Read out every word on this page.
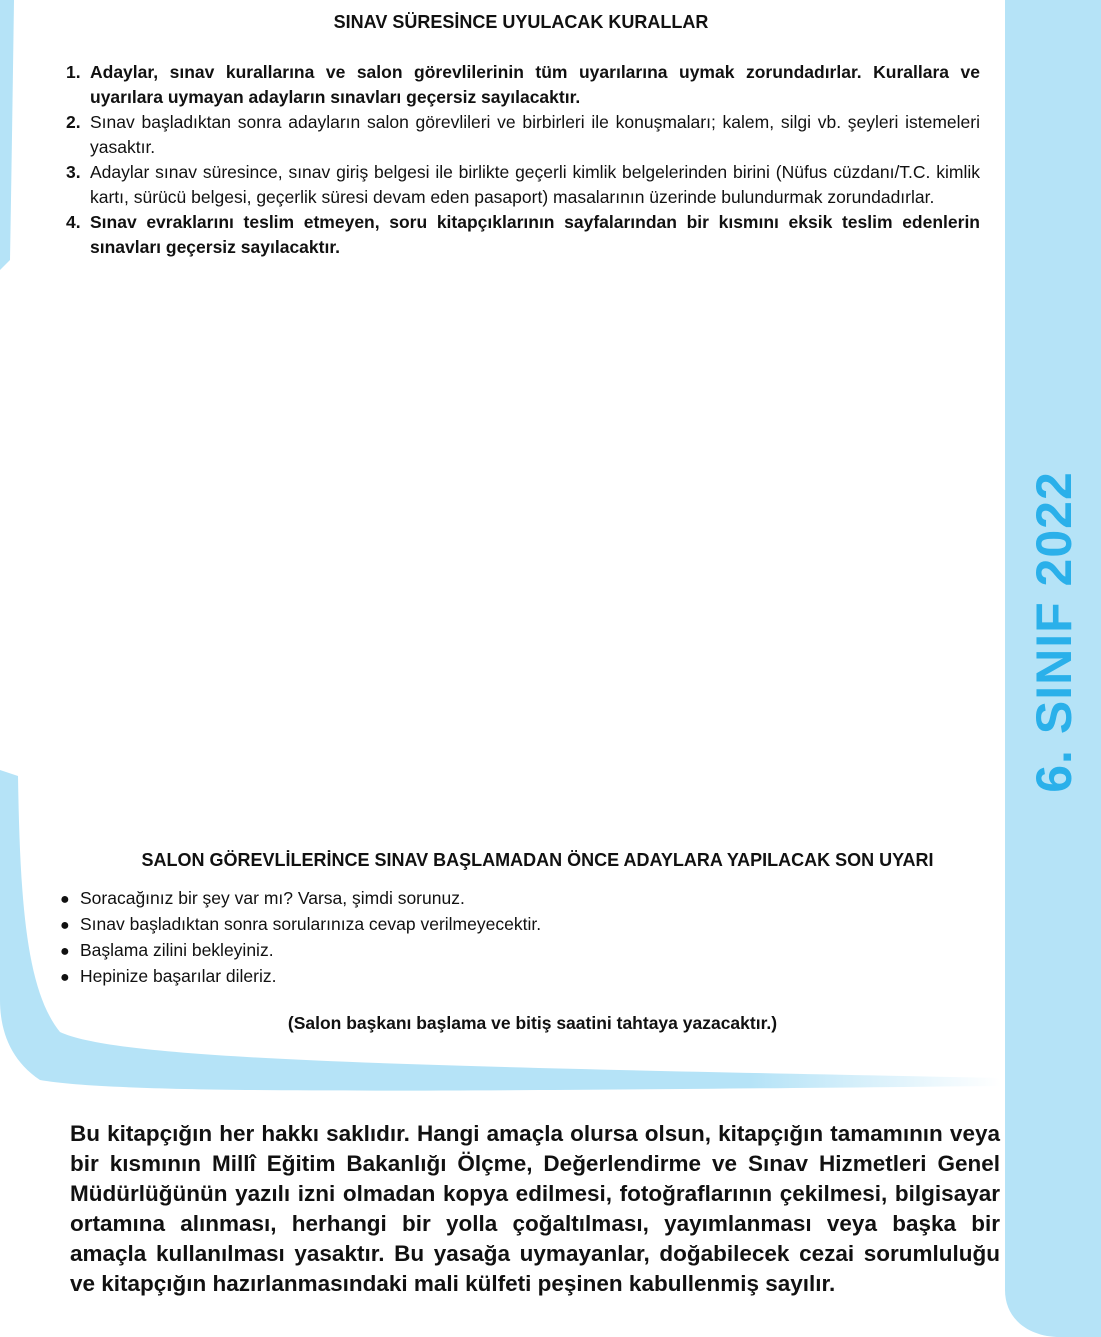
6. SINIF 2022
SINAV SÜRESİNCE UYULACAK KURALLAR
1. Adaylar, sınav kurallarına ve salon görevlilerinin tüm uyarılarına uymak zorundadırlar. Kurallara ve uyarılara uymayan adayların sınavları geçersiz sayılacaktır.
2. Sınav başladıktan sonra adayların salon görevlileri ve birbirleri ile konuşmaları; kalem, silgi vb. şeyleri istemeleri yasaktır.
3. Adaylar sınav süresince, sınav giriş belgesi ile birlikte geçerli kimlik belgelerinden birini (Nüfus cüzdanı/T.C. kimlik kartı, sürücü belgesi, geçerlik süresi devam eden pasaport) masalarının üzerinde bulundurmak zorundadırlar.
4. Sınav evraklarını teslim etmeyen, soru kitapçıklarının sayfalarından bir kısmını eksik teslim edenlerin sınavları geçersiz sayılacaktır.
SALON GÖREVLİLERİNCE SINAV BAŞLAMADAN ÖNCE ADAYLARA YAPILACAK SON UYARI
● Soracağınız bir şey var mı? Varsa, şimdi sorunuz.
● Sınav başladıktan sonra sorularınıza cevap verilmeyecektir.
● Başlama zilini bekleyiniz.
● Hepinize başarılar dileriz.
(Salon başkanı başlama ve bitiş saatini tahtaya yazacaktır.)
Bu kitapçığın her hakkı saklıdır. Hangi amaçla olursa olsun, kitapçığın tamamının veya bir kısmının Millî Eğitim Bakanlığı Ölçme, Değerlendirme ve Sınav Hizmetleri Genel Müdürlüğünün yazılı izni olmadan kopya edilmesi, fotoğraflarının çekilmesi, bilgisayar ortamına alınması, herhangi bir yolla çoğaltılması, yayımlanması veya başka bir amaçla kullanılması yasaktır. Bu yasağa uymayanlar, doğabilecek cezai sorumluluğu ve kitapçığın hazırlanmasındaki mali külfeti peşinen kabullenmiş sayılır.
